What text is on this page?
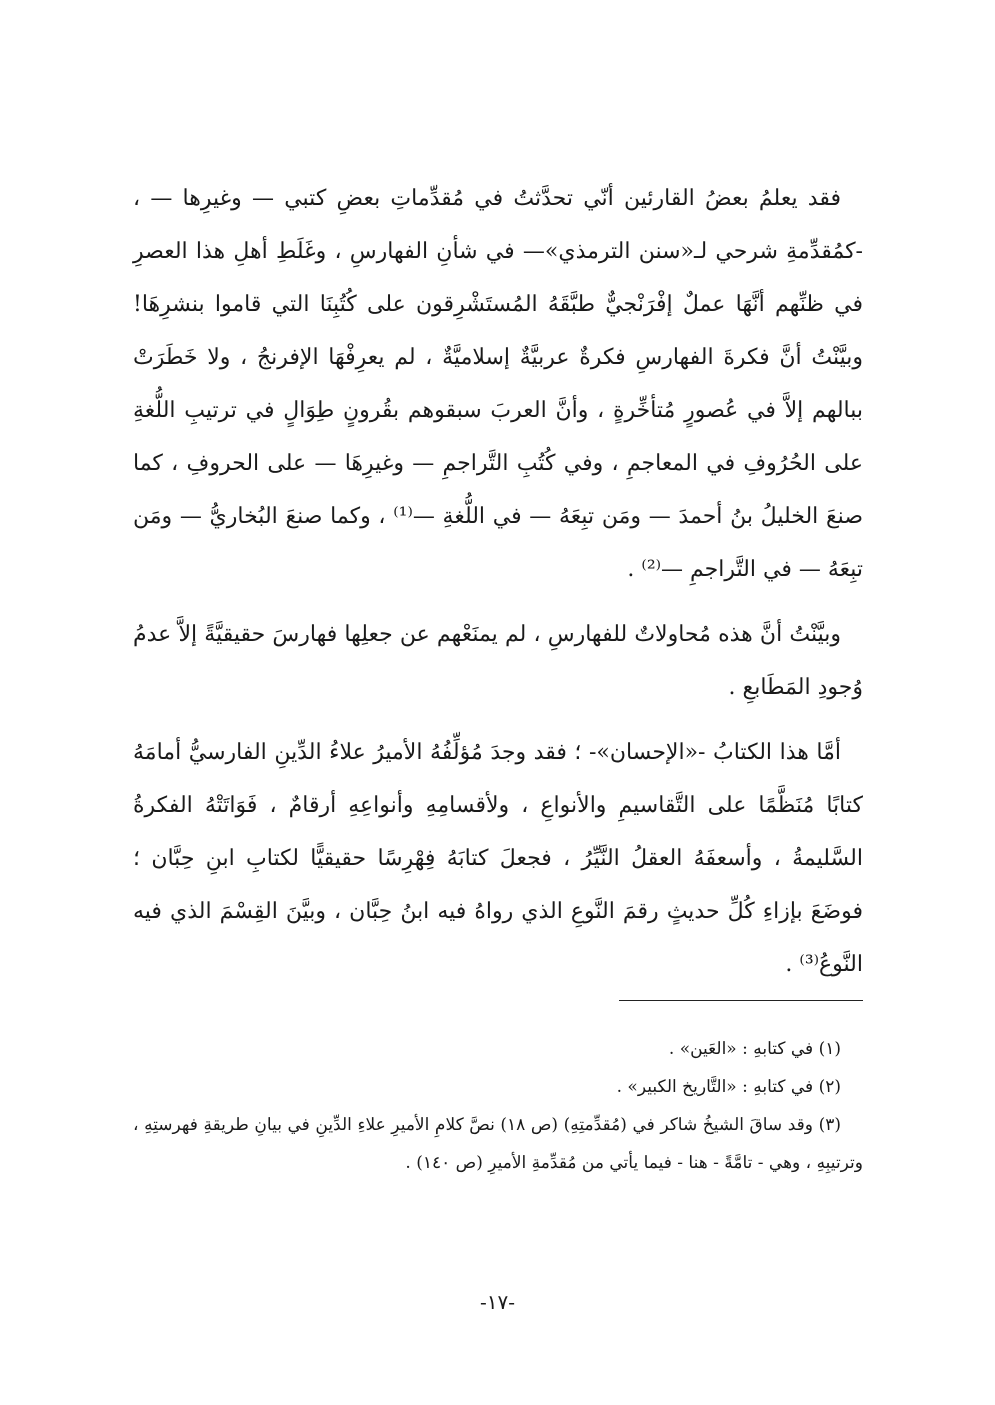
فقد يعلمُ بعضُ القارئين أنّي تحدَّثتُ في مُقدِّماتِ بعضِ كتبي — وغيرِها — ، -كمُقدِّمةِ شرحي لـ«سنن الترمذي»— في شأنِ الفهارسِ ، وغَلَطِ أهلِ هذا العصرِ في ظنِّهم أنَّهَا عملٌ إفْرَنْجيٌّ طبَّقَهُ المُستَشْرِقون على كُتُبِنَا التي قاموا بنشرِهَا! وبيَّنْتُ أنَّ فكرةَ الفهارسِ فكرةٌ عربيَّةٌ إسلاميَّةٌ ، لم يعرِفْهَا الإفرنجُ ، ولا خَطَرَتْ ببالهم إلاَّ في عُصورٍ مُتأخِّرةٍ ، وأنَّ العربَ سبقوهم بقُرونٍ طِوَالٍ في ترتيبِ اللُّغةِ على الحُرُوفِ في المعاجمِ ، وفي كُتُبِ التَّراجمِ — وغيرِهَا — على الحروفِ ، كما صنعَ الخليلُ بنُ أحمدَ — ومَن تبِعَهُ — في اللُّغةِ —⁽¹⁾ ، وكما صنعَ البُخاريُّ — ومَن تبِعَهُ — في التَّراجمِ —⁽²⁾ .

وبيَّنْتُ أنَّ هذه مُحاولاتٌ للفهارسِ ، لم يمنَعْهم عن جعلِها فهارسَ حقيقيَّةً إلاَّ عدمُ وُجودِ المَطَابعِ .

أمَّا هذا الكتابُ -«الإحسان»- ؛ فقد وجدَ مُؤلِّفُهُ الأميرُ علاءُ الدِّينِ الفارسيُّ أمامَهُ كتابًا مُنَظَّمًا على التَّقاسيمِ والأنواعِ ، ولأقسامِهِ وأنواعِهِ أرقامٌ ، فَوَاتَتْهُ الفكرةُ السَّليمةُ ، وأسعفَهُ العقلُ النَّيِّرُ ، فجعلَ كتابَهُ فِهْرِسًا حقيقيًّا لكتابِ ابنِ حِبَّان ؛ فوضَعَ بإزاءِ كُلِّ حديثٍ رقمَ النَّوعِ الذي رواهُ فيه ابنُ حِبَّان ، وبيَّنَ القِسْمَ الذي فيه النَّوعُ⁽³⁾ .

(١) في كتابهِ : «العَين» .

(٢) في كتابهِ : «التَّاريخ الكبير» .

(٣) وقد ساقَ الشيخُ شاكر في (مُقدِّمتِهِ) (ص ١٨) نصَّ كلامِ الأميرِ علاءِ الدِّينِ في بيانِ طريقةِ فهرستِهِ ، وترتيبِهِ ، وهي - تامَّةً - هنا - فيما يأتي من مُقدِّمةِ الأميرِ (ص ١٤٠) .

-١٧-
